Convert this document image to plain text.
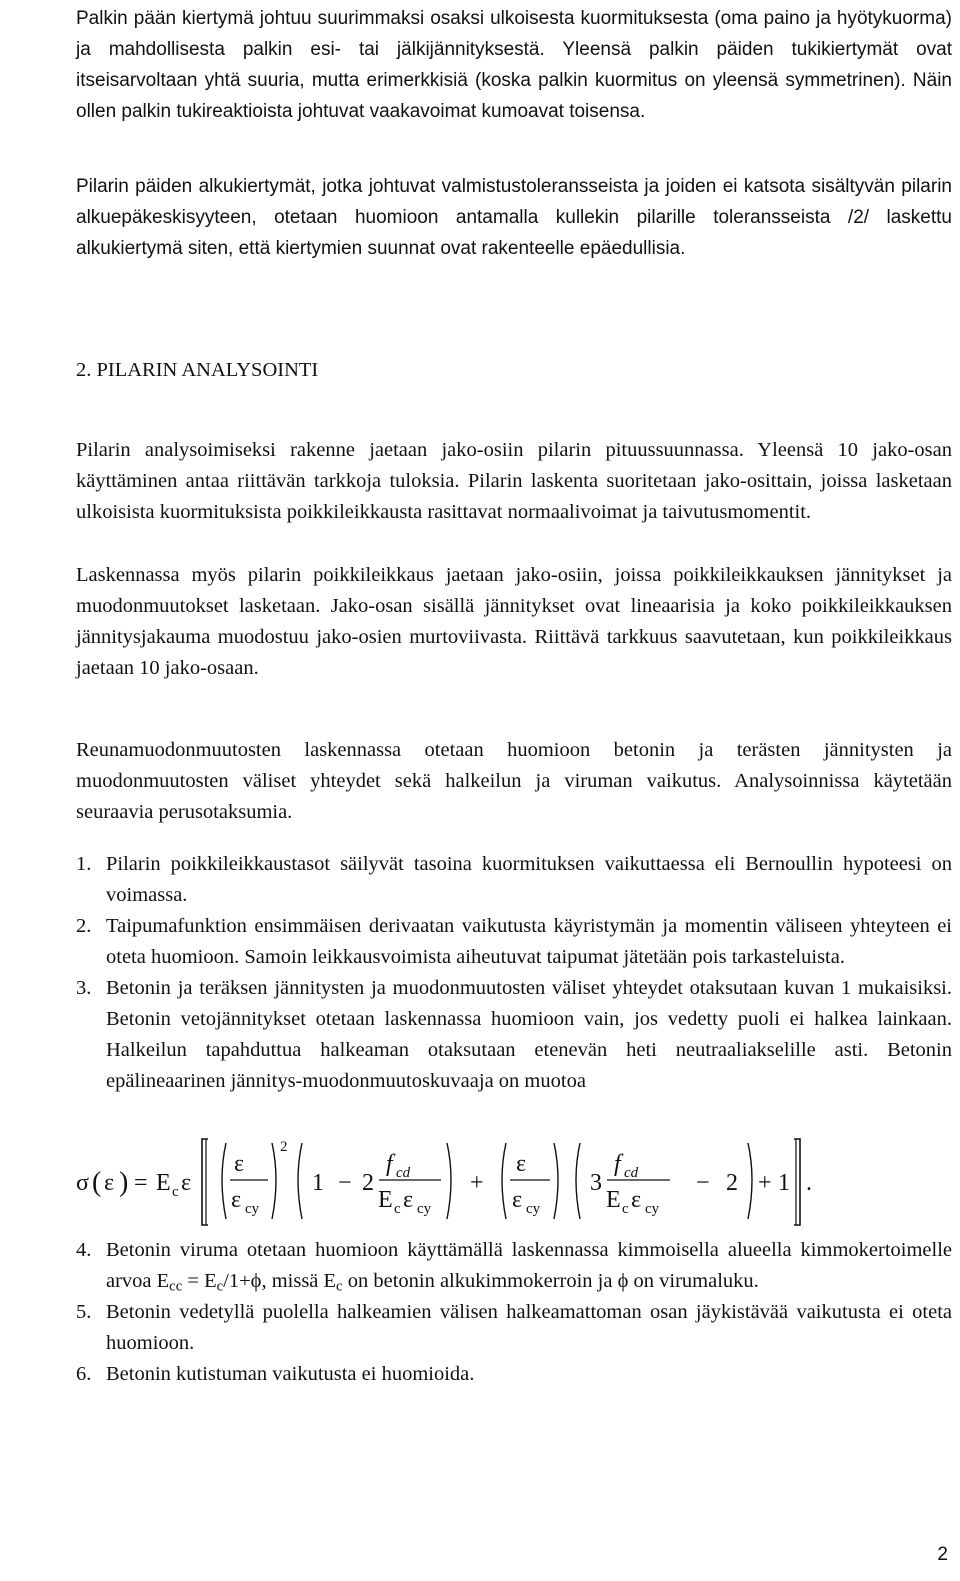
Palkin pään kiertymä johtuu suurimmaksi osaksi ulkoisesta kuormituksesta (oma paino ja hyötykuorma) ja mahdollisesta palkin esi- tai jälkijännityksestä. Yleensä palkin päiden tukikiertymät ovat itseisarvoltaan yhtä suuria, mutta erimerkkisiä (koska palkin kuormitus on yleensä symmetrinen). Näin ollen palkin tukireaktioista johtuvat vaakavoimat kumoavat toisensa.

Pilarin päiden alkukiertymät, jotka johtuvat valmistustoleransseista ja joiden ei katsota sisältyvän pilarin alkuepäkeskisyyteen, otetaan huomioon antamalla kullekin pilarille toleransseista /2/ laskettu alkukiertymä siten, että kiertymien suunnat ovat rakenteelle epäedullisia.

2. PILARIN ANALYSOINTI

Pilarin analysoimiseksi rakenne jaetaan jako-osiin pilarin pituussuunnassa. Yleensä 10 jako-osan käyttäminen antaa riittävän tarkkoja tuloksia. Pilarin laskenta suoritetaan jako-osittain, joissa lasketaan ulkoisista kuormituksista poikkileikkausta rasittavat normaalivoimat ja taivutusmomentit.

Laskennassa myös pilarin poikkileikkaus jaetaan jako-osiin, joissa poikkileikkauksen jännitykset ja muodonmuutokset lasketaan. Jako-osan sisällä jännitykset ovat lineaarisia ja koko poikkileikkauksen jännitysjakauma muodostuu jako-osien murtoviivasta. Riittävä tarkkuus saavutetaan, kun poikkileikkaus jaetaan 10 jako-osaan.

Reunamuodonmuutosten laskennassa otetaan huomioon betonin ja terästen jännitysten ja muodonmuutosten väliset yhteydet sekä halkeilun ja viruman vaikutus. Analysoinnissa käytetään seuraavia perusotaksumia.

1. Pilarin poikkileikkaustasot säilyvät tasoina kuormituksen vaikuttaessa eli Bernoullin hypoteesi on voimassa.
2. Taipumafunktion ensimmäisen derivaatan vaikutusta käyristymän ja momentin väliseen yhteyteen ei oteta huomioon. Samoin leikkausvoimista aiheutuvat taipumat jätetään pois tarkasteluista.
3. Betonin ja teräksen jännitysten ja muodonmuutosten väliset yhteydet otaksutaan kuvan 1 mukaisiksi. Betonin vetojännitykset otetaan laskennassa huomioon vain, jos vedetty puoli ei halkea lainkaan. Halkeilun tapahduttua halkeaman otaksutaan etenevän heti neutraaliakselille asti. Betonin epälineaarinen jännitys-muodonmuutoskuvaaja on muotoa
σ ( ε ) = E c ε
ε
ε cy
2
1 − 2
f cd
E c ε cy
+
ε
ε cy
3
f cd
E c ε cy
− 2 + 1 .
4. Betonin viruma otetaan huomioon käyttämällä laskennassa kimmoisella alueella kimmokertoimelle arvoa $E_{cc} = E_c/1+\phi$, missä $E_c$ on betonin alkukimmokerroin ja ϕ on virumaluku.
5. Betonin vedetyllä puolella halkeamien välisen halkeamattoman osan jäykistävää vaikutusta ei oteta huomioon.
6. Betonin kutistuman vaikutusta ei huomioida.
2
